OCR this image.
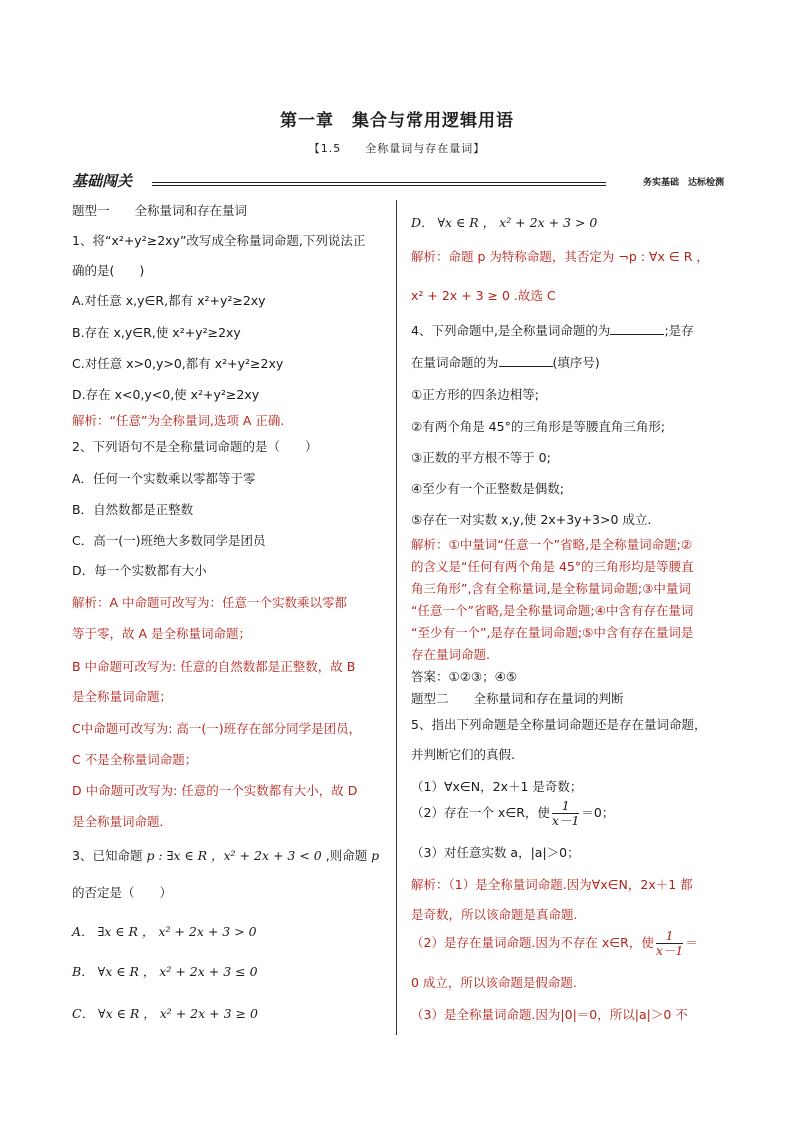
第一章　集合与常用逻辑用语
【1.5　　全称量词与存在量词】
基础闯关	务实基础　达标检测
题型一　　全称量词和存在量词
1、将“x²+y²≥2xy”改写成全称量词命题,下列说法正
确的是(　　)
A.对任意 x,y∈R,都有 x²+y²≥2xy
B.存在 x,y∈R,使 x²+y²≥2xy
C.对任意 x>0,y>0,都有 x²+y²≥2xy
D.存在 x<0,y<0,使 x²+y²≥2xy
解析：“任意”为全称量词,选项 A 正确.
2、下列语句不是全称量词命题的是（　　）
A．任何一个实数乘以零都等于零
B．自然数都是正整数
C．高一(一)班绝大多数同学是团员
D．每一个实数都有大小
解析：A 中命题可改写为：任意一个实数乘以零都
等于零，故 A 是全称量词命题；
B 中命题可改写为: 任意的自然数都是正整数，故 B
是全称量词命题；
C中命题可改写为: 高一(一)班存在部分同学是团员，
C 不是全称量词命题；
D 中命题可改写为: 任意的一个实数都有大小，故 D
是全称量词命题．
3、已知命题 p : ∃x ∈ R ，x² + 2x + 3 < 0 ,则命题 p
的否定是（　　）
A． ∃x ∈ R ， x² + 2x + 3 > 0
B． ∀x ∈ R ， x² + 2x + 3 ≤ 0
C． ∀x ∈ R ， x² + 2x + 3 ≥ 0
D． ∀x ∈ R ， x² + 2x + 3 > 0
解析：命题 p 为特称命题，其否定为 ¬p : ∀x ∈ R ，
x² + 2x + 3 ≥ 0 .故选 C
4、下列命题中,是全称量词命题的为	;是存
在量词命题的为	(填序号)
①正方形的四条边相等;
②有两个角是 45°的三角形是等腰直角三角形;
③正数的平方根不等于 0;
④至少有一个正整数是偶数;
⑤存在一对实数 x,y,使 2x+3y+3>0 成立.
解析：①中量词“任意一个”省略,是全称量词命题;②
的含义是“任何有两个角是 45°的三角形均是等腰直
角三角形”,含有全称量词,是全称量词命题;③中量词
“任意一个”省略,是全称量词命题;④中含有存在量词
“至少有一个”,是存在量词命题;⑤中含有存在量词是
存在量词命题.
答案：①②③；④⑤
题型二　　全称量词和存在量词的判断
5、指出下列命题是全称量词命题还是存在量词命题，
并判断它们的真假.
（1）∀x∈N，2x＋1 是奇数；
（2）存在一个 x∈R，使 $\frac{1}{x-1} =0$；
（3）对任意实数 a，|a|＞0；
解析：（1）是全称量词命题.因为∀x∈N，2x＋1 都
是奇数，所以该命题是真命题.
（2）是存在量词命题.因为不存在 x∈R，使 $\frac{1}{x-1}$ ＝
0 成立，所以该命题是假命题.
（3）是全称量词命题.因为|0|＝0，所以|a|＞0 不
